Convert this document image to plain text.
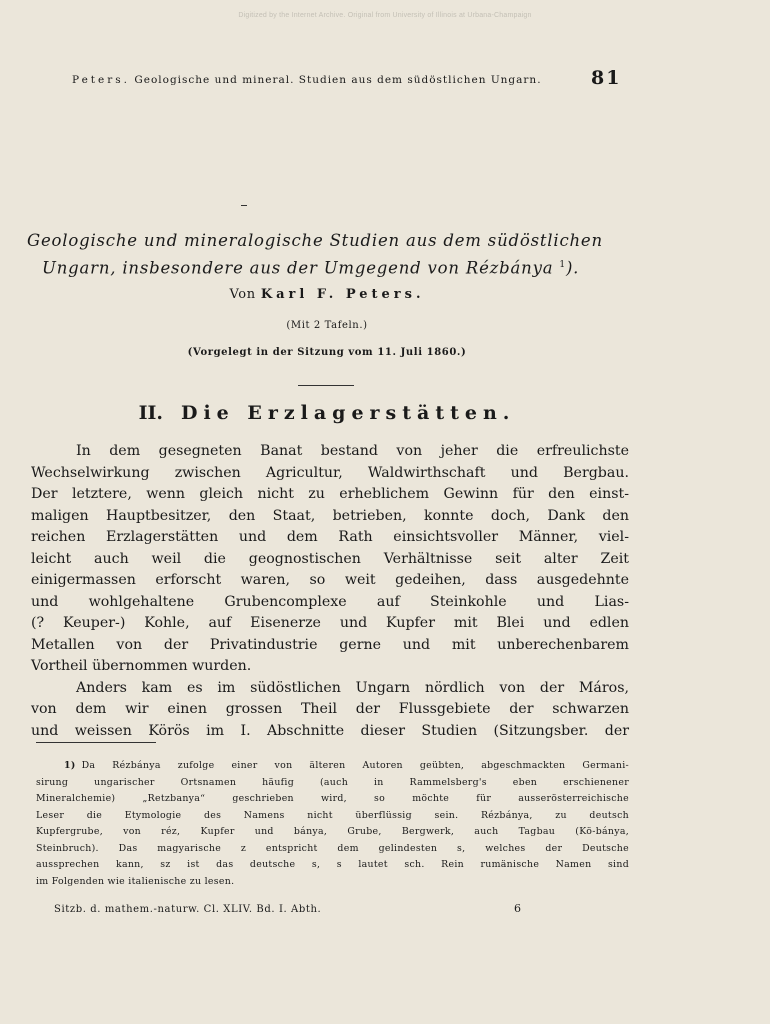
Digitized by the Internet Archive. Original from University of Illinois at Urbana-Champaign
Peters. Geologische und mineral. Studien aus dem südöstlichen Ungarn.	81
Geologische und mineralogische Studien aus dem südöstlichen
Ungarn, insbesondere aus der Umgegend von Rézbánya $^1$).
Von Karl F. Peters.
(Mit 2 Tafeln.)
(Vorgelegt in der Sitzung vom 11. Juli 1860.)
II. Die Erzlagerstätten.
In dem gesegneten Banat bestand von jeher die erfreulichste
Wechselwirkung zwischen Agricultur, Waldwirthschaft und Bergbau.
Der letztere, wenn gleich nicht zu erheblichem Gewinn für den einst-
maligen Hauptbesitzer, den Staat, betrieben, konnte doch, Dank den
reichen Erzlagerstätten und dem Rath einsichtsvoller Männer, viel-
leicht auch weil die geognostischen Verhältnisse seit alter Zeit
einigermassen erforscht waren, so weit gedeihen, dass ausgedehnte
und wohlgehaltene Grubencomplexe auf Steinkohle und Lias-
(? Keuper-) Kohle, auf Eisenerze und Kupfer mit Blei und edlen
Metallen von der Privatindustrie gerne und mit unberechenbarem
Vortheil übernommen wurden.
Anders kam es im südöstlichen Ungarn nördlich von der Máros,
von dem wir einen grossen Theil der Flussgebiete der schwarzen
und weissen Körös im I. Abschnitte dieser Studien (Sitzungsber. der
1) Da Rézbánya zufolge einer von älteren Autoren geübten, abgeschmackten Germani-
sirung ungarischer Ortsnamen häufig (auch in Rammelsberg's eben erschienener
Mineralchemie) „Retzbanya“ geschrieben wird, so möchte für ausserösterreichische
Leser die Etymologie des Namens nicht überflüssig sein. Rézbánya, zu deutsch
Kupfergrube, von réz, Kupfer und bánya, Grube, Bergwerk, auch Tagbau (Kö-bánya,
Steinbruch). Das magyarische z entspricht dem gelindesten s, welches der Deutsche
aussprechen kann, sz ist das deutsche s, s lautet sch. Rein rumänische Namen sind
im Folgenden wie italienische zu lesen.
Sitzb. d. mathem.-naturw. Cl. XLIV. Bd. I. Abth.	6
